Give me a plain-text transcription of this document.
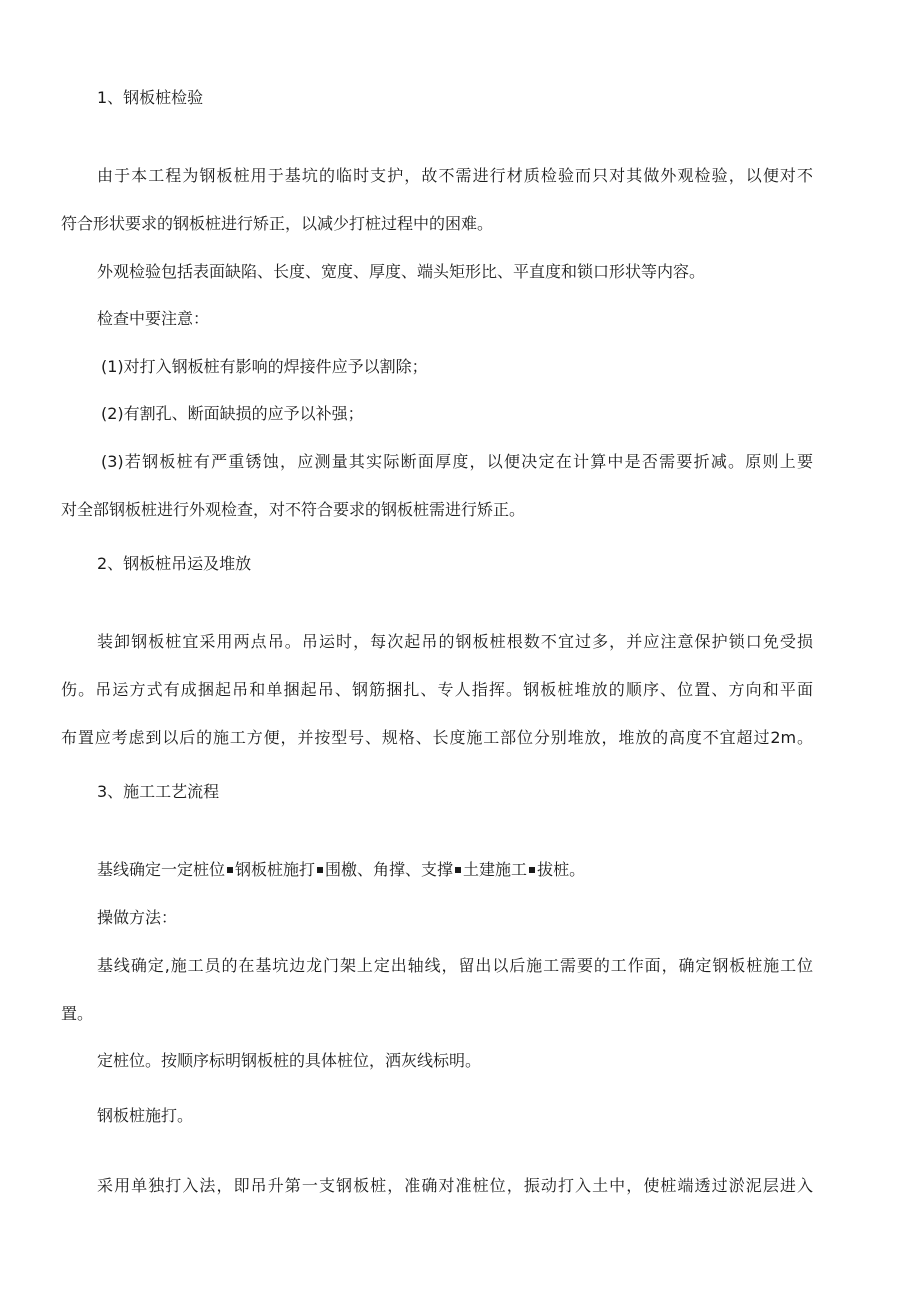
1、钢板桩检验

由于本工程为钢板桩用于基坑的临时支护，故不需进行材质检验而只对其做外观检验，以便对不

符合形状要求的钢板桩进行矫正，以减少打桩过程中的困难。

外观检验包括表面缺陷、长度、宽度、厚度、端头矩形比、平直度和锁口形状等内容。

检查中要注意：

(1)对打入钢板桩有影响的焊接件应予以割除；

(2)有割孔、断面缺损的应予以补强；

(3)若钢板桩有严重锈蚀，应测量其实际断面厚度，以便决定在计算中是否需要折减。原则上要

对全部钢板桩进行外观检查，对不符合要求的钢板桩需进行矫正。

2、钢板桩吊运及堆放

装卸钢板桩宜采用两点吊。吊运时，每次起吊的钢板桩根数不宜过多，并应注意保护锁口免受损

伤。吊运方式有成捆起吊和单捆起吊、钢筋捆扎、专人指挥。钢板桩堆放的顺序、位置、方向和平面

布置应考虑到以后的施工方便，并按型号、规格、长度施工部位分别堆放，堆放的高度不宜超过2m。

3、施工工艺流程

基线确定一定桩位 钢板桩施打 围檄、角撑、支撑 土建施工 拔桩。

操做方法：

基线确定,施工员的在基坑边龙门架上定出轴线，留出以后施工需要的工作面，确定钢板桩施工位

置。

定桩位。按顺序标明钢板桩的具体桩位，洒灰线标明。

钢板桩施打。

采用单独打入法，即吊升第一支钢板桩，准确对准桩位，振动打入土中，使桩端透过淤泥层进入
